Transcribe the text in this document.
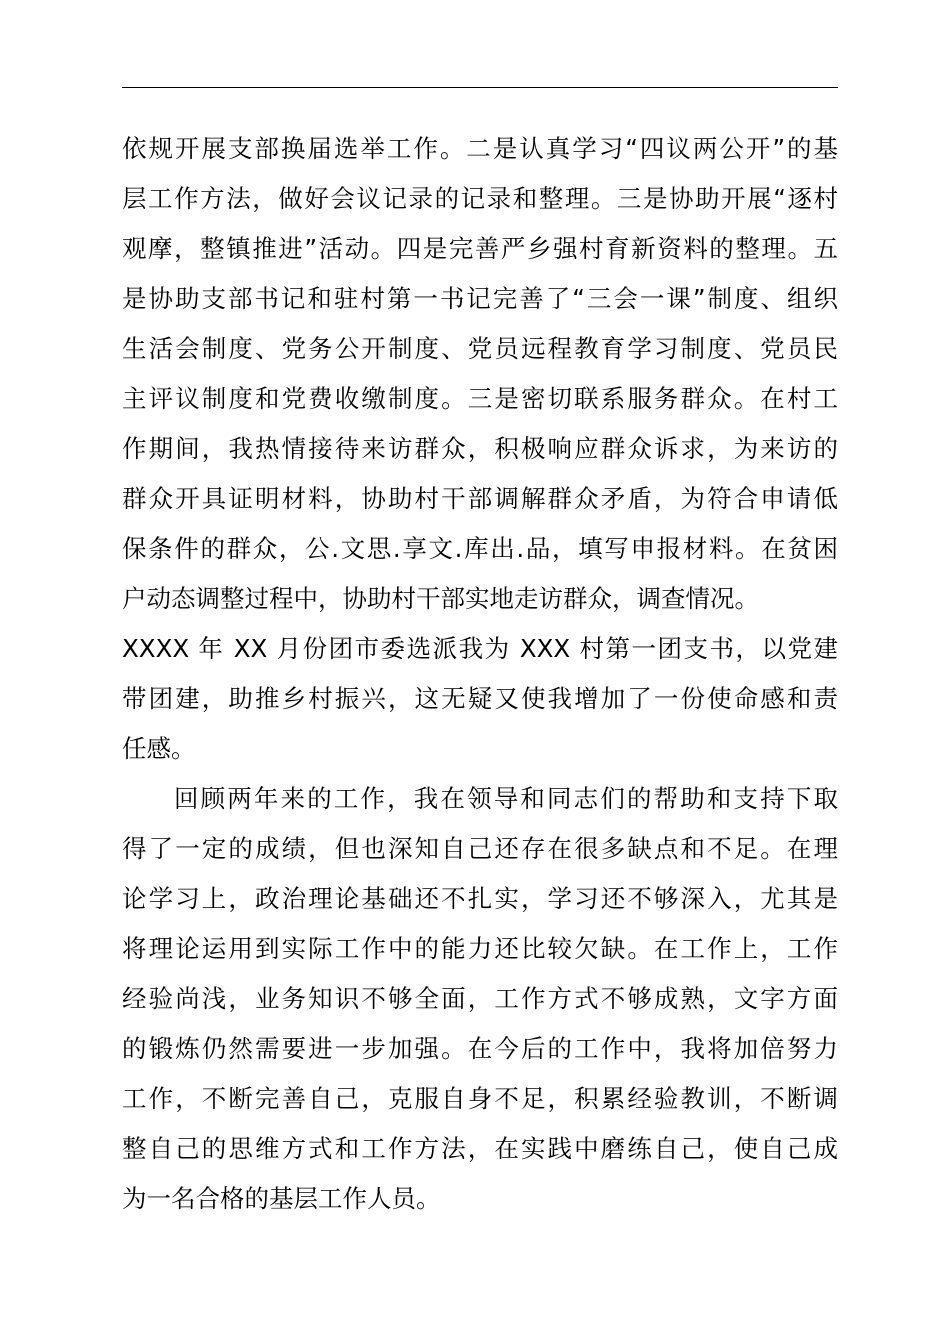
依规开展支部换届选举工作。二是认真学习“四议两公开”的基
层工作方法，做好会议记录的记录和整理。三是协助开展“逐村
观摩，整镇推进”活动。四是完善严乡强村育新资料的整理。五
是协助支部书记和驻村第一书记完善了“三会一课”制度、组织
生活会制度、党务公开制度、党员远程教育学习制度、党员民
主评议制度和党费收缴制度。三是密切联系服务群众。在村工
作期间，我热情接待来访群众，积极响应群众诉求，为来访的
群众开具证明材料，协助村干部调解群众矛盾，为符合申请低
保条件的群众，公.文思.享文.库出.品，填写申报材料。在贫困
户动态调整过程中，协助村干部实地走访群众，调查情况。
XXXX 年 XX 月份团市委选派我为 XXX 村第一团支书，以党建
带团建，助推乡村振兴，这无疑又使我增加了一份使命感和责
任感。
回顾两年来的工作，我在领导和同志们的帮助和支持下取
得了一定的成绩，但也深知自己还存在很多缺点和不足。在理
论学习上，政治理论基础还不扎实，学习还不够深入，尤其是
将理论运用到实际工作中的能力还比较欠缺。在工作上，工作
经验尚浅，业务知识不够全面，工作方式不够成熟，文字方面
的锻炼仍然需要进一步加强。在今后的工作中，我将加倍努力
工作，不断完善自己，克服自身不足，积累经验教训，不断调
整自己的思维方式和工作方法，在实践中磨练自己，使自己成
为一名合格的基层工作人员。
